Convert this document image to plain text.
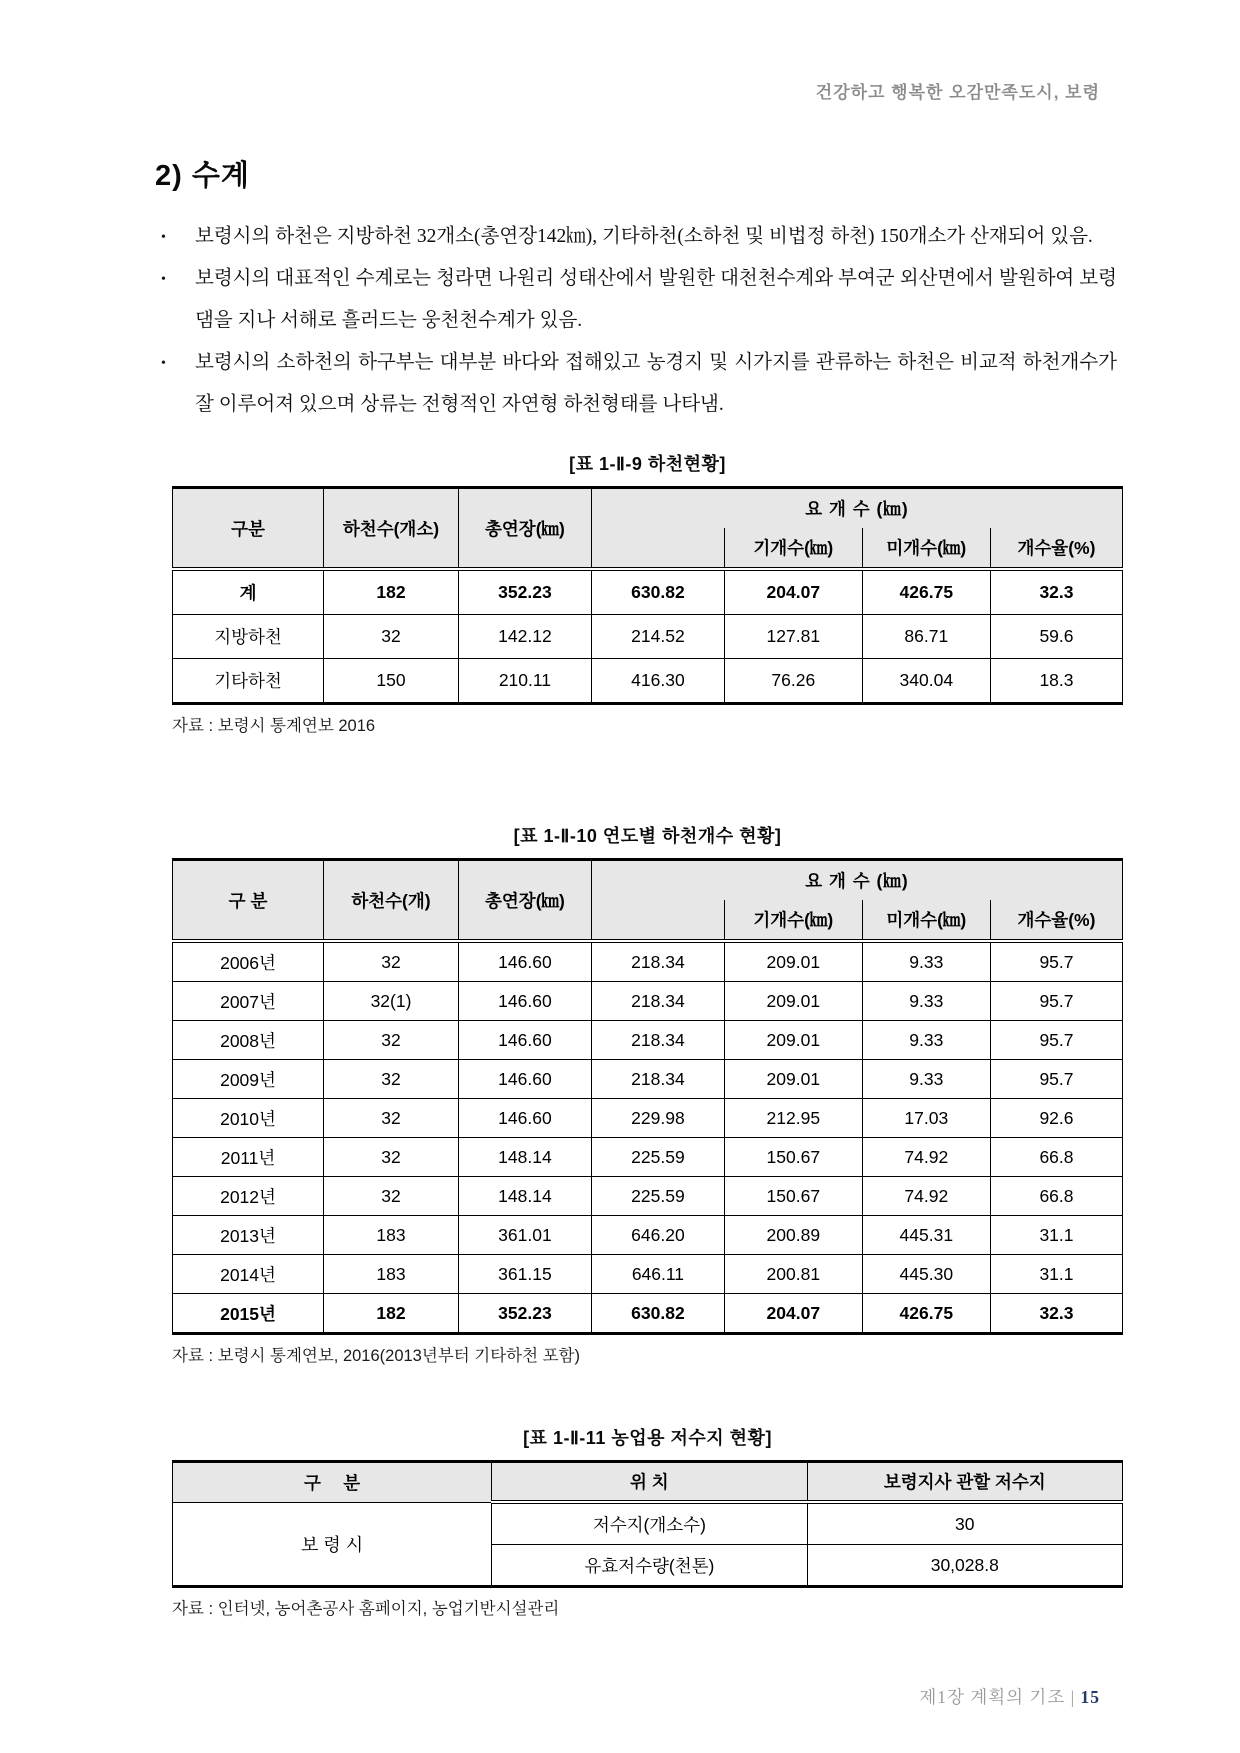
건강하고 행복한 오감만족도시, 보령
2) 수계
• 보령시의 하천은 지방하천 32개소(총연장142㎞), 기타하천(소하천 및 비법정 하천) 150개소가 산재되어 있음.
• 보령시의 대표적인 수계로는 청라면 나원리 성태산에서 발원한 대천천수계와 부여군 외산면에서 발원하여 보령댐을 지나 서해로 흘러드는 웅천천수계가 있음.
• 보령시의 소하천의 하구부는 대부분 바다와 접해있고 농경지 및 시가지를 관류하는 하천은 비교적 하천개수가 잘 이루어져 있으며 상류는 전형적인 자연형 하천형태를 나타냄.
[표 1-Ⅱ-9 하천현황]
구분	하천수(개소)	총연장(㎞)	요 개 수 (㎞)			
				기개수(㎞)	미개수(㎞)	개수율(%)
계	182	352.23	630.82	204.07	426.75	32.3
지방하천	32	142.12	214.52	127.81	86.71	59.6
기타하천	150	210.11	416.30	76.26	340.04	18.3
자료 : 보령시 통계연보 2016
[표 1-Ⅱ-10 연도별 하천개수 현황]
구 분	하천수(개)	총연장(㎞)	요 개 수 (㎞)			
				기개수(㎞)	미개수(㎞)	개수율(%)
2006년	32	146.60	218.34	209.01	9.33	95.7
2007년	32(1)	146.60	218.34	209.01	9.33	95.7
2008년	32	146.60	218.34	209.01	9.33	95.7
2009년	32	146.60	218.34	209.01	9.33	95.7
2010년	32	146.60	229.98	212.95	17.03	92.6
2011년	32	148.14	225.59	150.67	74.92	66.8
2012년	32	148.14	225.59	150.67	74.92	66.8
2013년	183	361.01	646.20	200.89	445.31	31.1
2014년	183	361.15	646.11	200.81	445.30	31.1
2015년	182	352.23	630.82	204.07	426.75	32.3
자료 : 보령시 통계연보, 2016(2013년부터 기타하천 포함)
[표 1-Ⅱ-11 농업용 저수지 현황]
구　 분	위 치	보령지사 관할 저수지
보 령 시	저수지(개소수)	30
	유효저수량(천톤)	30,028.8
자료 : 인터넷, 농어촌공사 홈페이지, 농업기반시설관리
제1장 계획의 기조 | 15
